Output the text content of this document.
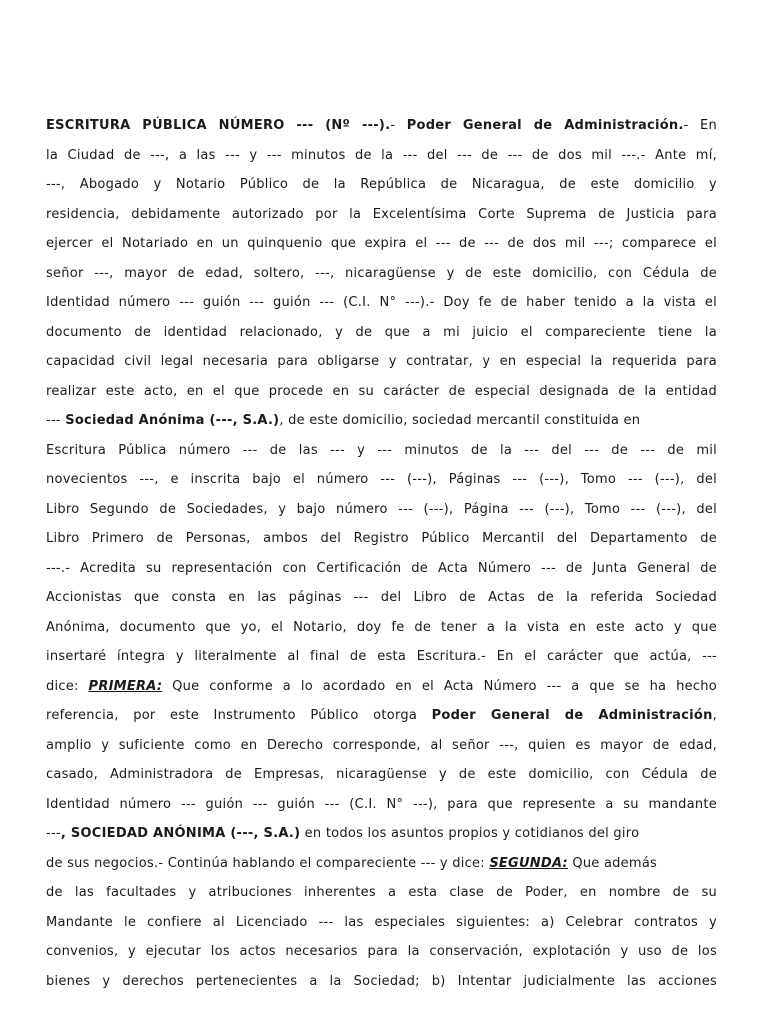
ESCRITURA PÚBLICA NÚMERO --- (Nº ---).- Poder General de Administración.- En
la Ciudad de ---, a las --- y --- minutos de la --- del --- de --- de dos mil ---.- Ante mí,
---, Abogado y Notario Público de la República de Nicaragua, de este domicilio y
residencia, debidamente autorizado por la Excelentísima Corte Suprema de Justicia para
ejercer el Notariado en un quinquenio que expira el --- de --- de dos mil ---; comparece el
señor ---, mayor de edad, soltero, ---, nicaragüense y de este domicilio, con Cédula de
Identidad número --- guión --- guión --- (C.I. N° ---).- Doy fe de haber tenido a la vista el
documento de identidad relacionado, y de que a mi juicio el compareciente tiene la
capacidad civil legal necesaria para obligarse y contratar, y en especial la requerida para
realizar este acto, en el que procede en su carácter de especial designada de la entidad
--- Sociedad Anónima (---, S.A.), de este domicilio, sociedad mercantil constituida en
Escritura Pública número --- de las --- y --- minutos de la --- del --- de --- de mil
novecientos ---, e inscrita bajo el número --- (---), Páginas --- (---), Tomo --- (---), del
Libro Segundo de Sociedades, y bajo número --- (---), Página --- (---), Tomo --- (---), del
Libro Primero de Personas, ambos del Registro Público Mercantil del Departamento de
---.- Acredita su representación con Certificación de Acta Número --- de Junta General de
Accionistas que consta en las páginas --- del Libro de Actas de la referida Sociedad
Anónima, documento que yo, el Notario, doy fe de tener a la vista en este acto y que
insertaré íntegra y literalmente al final de esta Escritura.- En el carácter que actúa, ---
dice: PRIMERA: Que conforme a lo acordado en el Acta Número --- a que se ha hecho
referencia, por este Instrumento Público otorga Poder General de Administración,
amplio y suficiente como en Derecho corresponde, al señor ---, quien es mayor de edad,
casado, Administradora de Empresas, nicaragüense y de este domicilio, con Cédula de
Identidad número --- guión --- guión --- (C.I. N° ---), para que represente a su mandante
---, SOCIEDAD ANÓNIMA (---, S.A.) en todos los asuntos propios y cotidianos del giro
de sus negocios.- Continúa hablando el compareciente --- y dice: SEGUNDA: Que además
de las facultades y atribuciones inherentes a esta clase de Poder, en nombre de su
Mandante le confiere al Licenciado --- las especiales siguientes: a) Celebrar contratos y
convenios, y ejecutar los actos necesarios para la conservación, explotación y uso de los
bienes y derechos pertenecientes a la Sociedad; b) Intentar judicialmente las acciones
